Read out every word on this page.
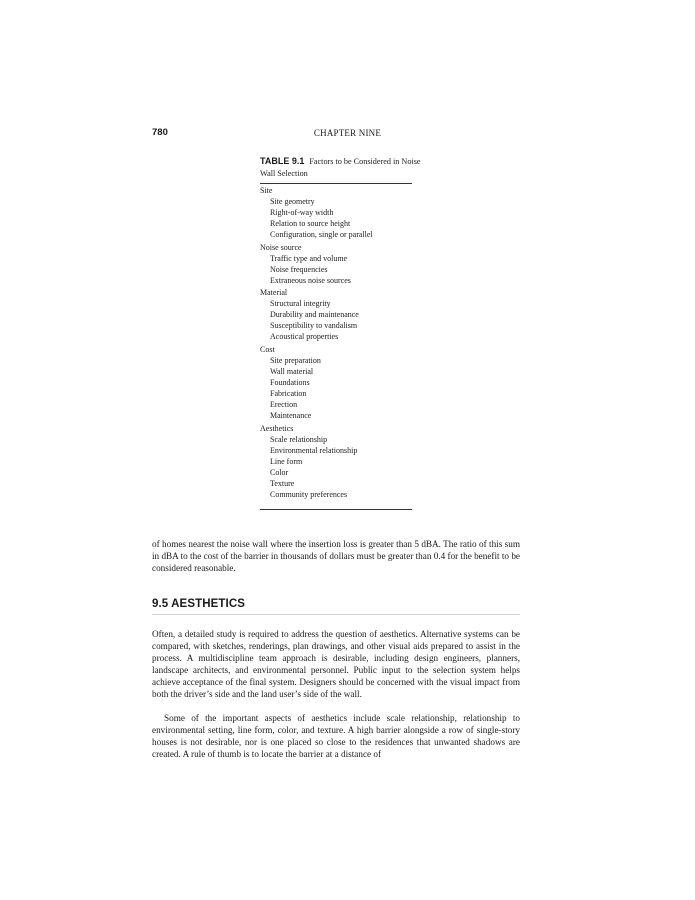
780	CHAPTER NINE
TABLE 9.1 Factors to be Considered in Noise Wall Selection
Site
Site geometry
Right-of-way width
Relation to source height
Configuration, single or parallel
Noise source
Traffic type and volume
Noise frequencies
Extraneous noise sources
Material
Structural integrity
Durability and maintenance
Susceptibility to vandalism
Acoustical properties
Cost
Site preparation
Wall material
Foundations
Fabrication
Erection
Maintenance
Aesthetics
Scale relationship
Environmental relationship
Line form
Color
Texture
Community preferences
of homes nearest the noise wall where the insertion loss is greater than 5 dBA. The ratio of this sum in dBA to the cost of the barrier in thousands of dollars must be greater than 0.4 for the benefit to be considered reasonable.
9.5 AESTHETICS
Often, a detailed study is required to address the question of aesthetics. Alternative systems can be compared, with sketches, renderings, plan drawings, and other visual aids prepared to assist in the process. A multidiscipline team approach is desirable, including design engineers, planners, landscape architects, and environmental personnel. Public input to the selection system helps achieve acceptance of the final system. Designers should be concerned with the visual impact from both the driver’s side and the land user’s side of the wall.
Some of the important aspects of aesthetics include scale relationship, relationship to environmental setting, line form, color, and texture. A high barrier alongside a row of single-story houses is not desirable, nor is one placed so close to the residences that unwanted shadows are created. A rule of thumb is to locate the barrier at a distance of
